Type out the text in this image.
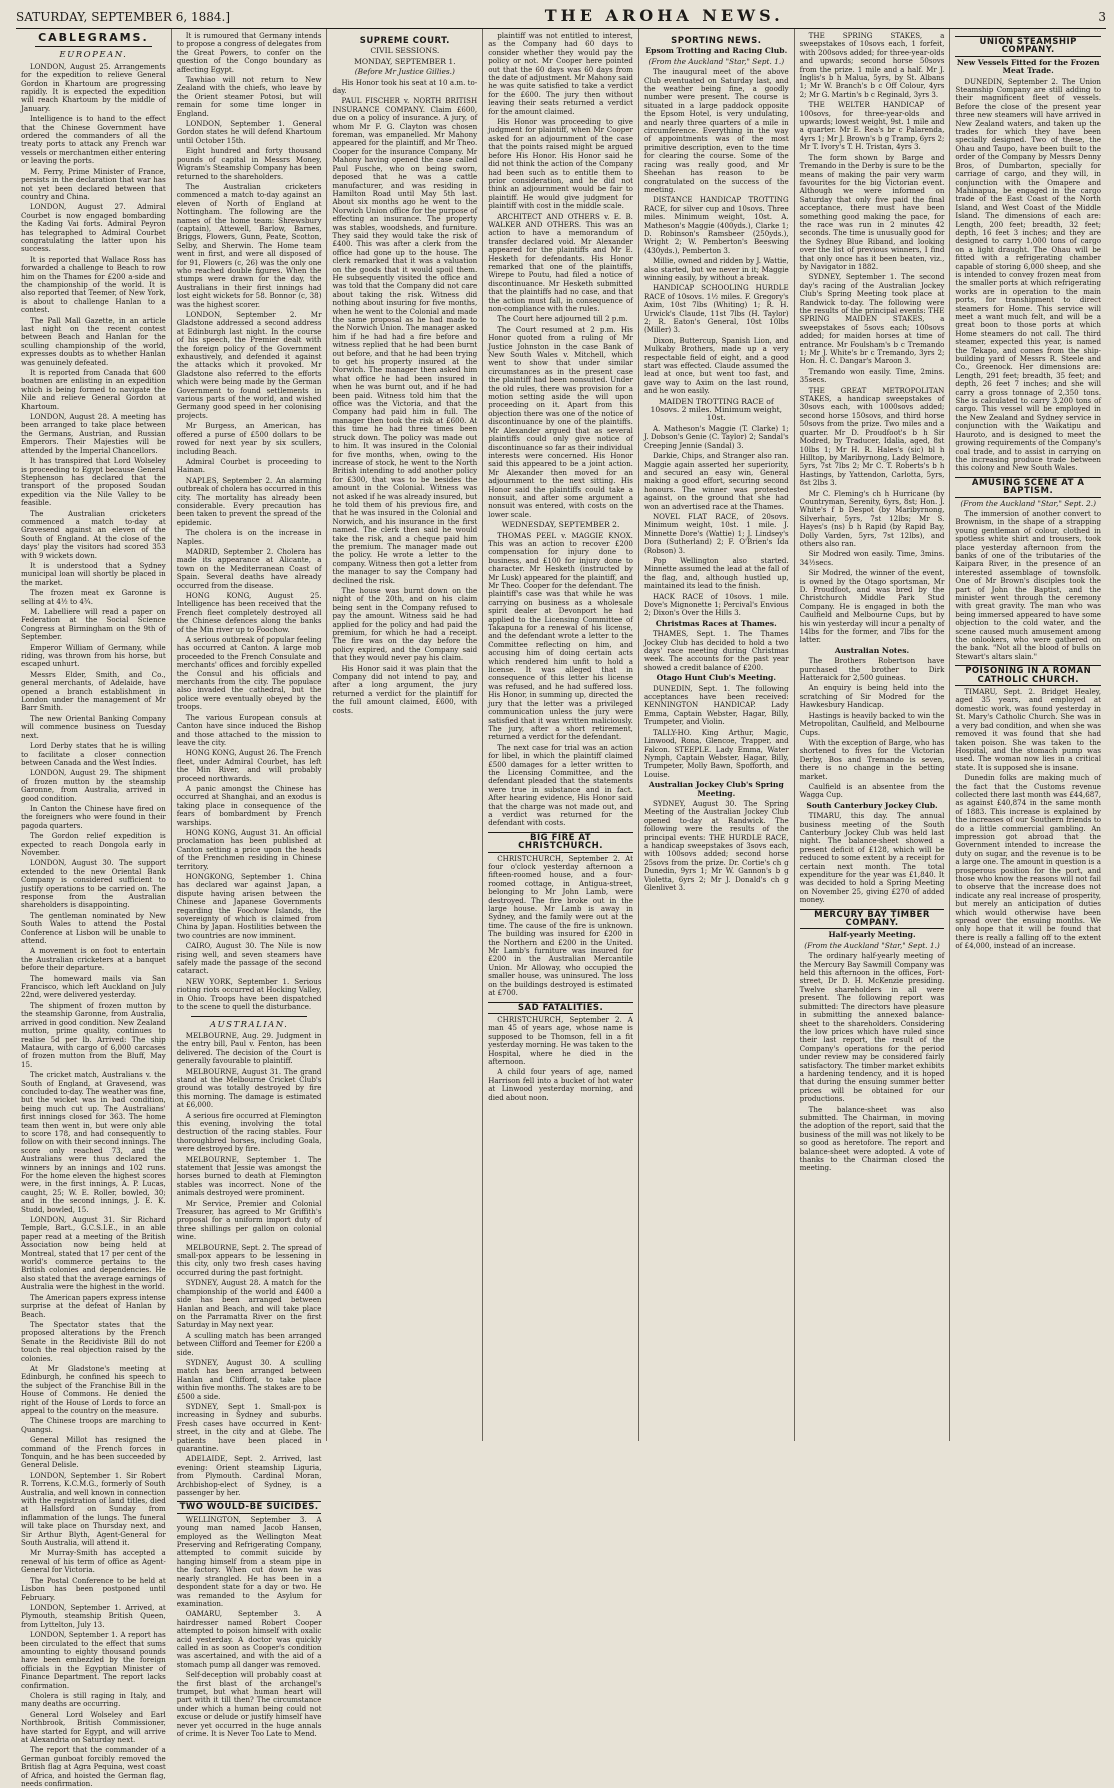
SATURDAY, SEPTEMBER 6, 1884.]	THE AROHA NEWS.	3
CABLEGRAMS.
EUROPEAN.

LONDON, August 25. Arrangements for the expedition to relieve General Gordon in Khartoum are progressing rapidly. It is expected the expedition will reach Khartoum by the middle of January.

Intelligence is to hand to the effect that the Chinese Government have ordered the commanders of all the treaty ports to attack any French war vessels or merchantmen either entering or leaving the ports.

M. Ferry, Prime Minister of France, persists in the declaration that war has not yet been declared between that country and China.

LONDON, August 27. Admiral Courbet is now engaged bombarding the Kading Vai forts. Admiral Peyron has telegraphed to Admiral Courbet congratulating the latter upon his success.

It is reported that Wallace Ross has forwarded a challenge to Beach to row him on the Thames for £200 a-side and the championship of the world. It is also reported that Teemer, of New York, is about to challenge Hanlan to a contest.

The Pall Mall Gazette, in an article last night on the recent contest between Beach and Hanlan for the sculling championship of the world, expresses doubts as to whether Hanlan was genuinely defeated.

It is reported from Canada that 600 boatmen are enlisting in an expedition which is being formed to navigate the Nile and relieve General Gordon at Khartoum.

LONDON, August 28. A meeting has been arranged to take place between the Germans, Austrian, and Russian Emperors. Their Majesties will be attended by the Imperial Chancellors.

It has transpired that Lord Wolseley is proceeding to Egypt because General Stephenson has declared that the transport of the proposed Soudan expedition via the Nile Valley to be feasible.

The Australian cricketers commenced a match to-day at Gravesend against an eleven of the South of England. At the close of the days' play the visitors had scored 353 with 9 wickets down.

It is understood that a Sydney municipal loan will shortly be placed in the market.

The frozen meat ex Garonne is selling at 4½ to 4¾.

M. Labelliere will read a paper on Federation at the Social Science Congress at Birmingham on the 9th of September.

Emperor William of Germany, while riding, was thrown from his horse, but escaped unhurt.

Messrs Elder, Smith, and Co., general merchants, of Adelaide, have opened a branch establishment in London under the management of Mr Barr Smith.

The new Oriental Banking Company will commence business on Tuesday next.

Lord Derby states that he is willing to facilitate a closer connection between Canada and the West Indies.

LONDON, August 29. The shipment of frozen mutton by the steamship Garonne, from Australia, arrived in good condition.

In Canton the Chinese have fired on the foreigners who were found in their pagoda quarters.

The Gordon relief expedition is expected to reach Dongola early in November.

LONDON, August 30. The support extended to the new Oriental Bank Company is considered sufficient to justify operations to be carried on. The response from the Australian shareholders is disappointing.

The gentleman nominated by New South Wales to attend the Postal Conference at Lisbon will be unable to attend.

A movement is on foot to entertain the Australian cricketers at a banquet before their departure.

The homeward mails via San Francisco, which left Auckland on July 22nd, were delivered yesterday.

The shipment of frozen mutton by the steamship Garonne, from Australia, arrived in good condition. New Zealand mutton, prime quality, continues to realise 5d per lb. Arrived: The ship Mataura, with cargo of 6,000 carcases of frozen mutton from the Bluff, May 15.

The cricket match, Australians v. the South of England, at Gravesend, was concluded to-day. The weather was fine, but the wicket was in bad condition, being much cut up. The Australians' first innings closed for 363. The home team then went in, but were only able to score 178, and had consequently to follow on with their second innings. The score only reached 73, and the Australians were thus declared the winners by an innings and 102 runs. For the home eleven the highest scores were, in the first innings, A. P. Lucas, caught, 25; W. E. Roller, bowled, 30; and in the second innings, J. E. K. Studd, bowled, 15.

LONDON, August 31. Sir Richard Temple, Bart., G.C.S.I.E., in an able paper read at a meeting of the British Association now being held at Montreal, stated that 17 per cent of the world's commerce pertains to the British colonies and dependencies. He also stated that the average earnings of Australia were the highest in the world.

The American papers express intense surprise at the defeat of Hanlan by Beach.

The Spectator states that the proposed alterations by the French Senate in the Recidiviste Bill do not touch the real objection raised by the colonies.

At Mr Gladstone's meeting at Edinburgh, he confined his speech to the subject of the Franchise Bill in the House of Commons. He denied the right of the House of Lords to force an appeal to the country on the measure.

The Chinese troops are marching to Quangsi.

General Millot has resigned the command of the French forces in Tonquin, and he has been succeeded by General Delisle.

LONDON, September 1. Sir Robert R. Torrens, K.C.M.G., formerly of South Australia, and well known in connection with the registration of land titles, died at Hallsford on Sunday from inflammation of the lungs. The funeral will take place on Thursday next, and Sir Arthur Blyth, Agent-General for South Australia, will attend it.

Mr Murray-Smith has accepted a renewal of his term of office as Agent-General for Victoria.

The Postal Conference to be held at Lisbon has been postponed until February.

LONDON, September 1. Arrived, at Plymouth, steamship British Queen, from Lyttelton, July 13.

LONDON, September 1. A report has been circulated to the effect that sums amounting to eighty thousand pounds have been embezzled by the foreign officials in the Egyptian Minister of Finance Department. The report lacks confirmation.

Cholera is still raging in Italy, and many deaths are occurring.

General Lord Wolseley and Earl Northbrook, British Commissioner, have started for Egypt, and will arrive at Alexandria on Saturday next.

The report that the commander of a German gunboat forcibly removed the British flag at Agra Pequina, west coast of Africa, and hoisted the German flag, needs confirmation.

It is rumoured that Germany intends to propose a congress of delegates from the Great Powers, to confer on the question of the Congo boundary as affecting Egypt.

Tawhiao will not return to New Zealand with the chiefs, who leave by the Orient steamer Potosi, but will remain for some time longer in England.

LONDON, September 1. General Gordon states he will defend Khartoum until October 15th.

Eight hundred and forty thousand pounds of capital in Messrs Money, Wigram's Steamship Company has been returned to the shareholders.

The Australian cricketers commenced a match to-day against an eleven of North of England at Nottingham. The following are the names of the home team: Shrewsbury (captain), Attewell, Barlow, Barnes, Briggs, Flowers, Gunn, Peate, Scotton, Selby, and Sherwin. The Home team went in first, and were all disposed of for 91, Flowers (c, 26) was the only one who reached double figures. When the stumps were drawn for the day, the Australians in their first innings had lost eight wickets for 58. Bonnor (c, 38) was the highest scorer.

LONDON, September 2. Mr Gladstone addressed a second address at Edinburgh last night. In the course of his speech, the Premier dealt with the foreign policy of the Government exhaustively, and defended it against the attacks which it provoked. Mr Gladstone also referred to the efforts which were being made by the German Government to found settlements in various parts of the world, and wished Germany good speed in her colonising projects.

Mr Burgess, an American, has offered a purse of £500 dollars to be rowed for next year by six scullers, including Beach.

Admiral Courbet is proceeding to Hainan.

NAPLES, September 2. An alarming outbreak of cholera has occurred in this city. The mortality has already been considerable. Every precaution has been taken to prevent the spread of the epidemic.

The cholera is on the increase in Naples.

MADRID, September 2. Cholera has made its appearance at Alicante, a town on the Mediterranean Coast of Spain. Several deaths have already occurred from the disease.

HONG KONG, August 25. Intelligence has been received that the French fleet completely destroyed all the Chinese defences along the banks of the Min river up to Foochow.

A serious outbreak of popular feeling has occurred at Canton. A large mob proceeded to the French Consulate and merchants' offices and forcibly expelled the Consul and his officials and merchants from the city. The populace also invaded the cathedral, but the police were eventually obeyed by the troops.

The various European consuls at Canton have since induced the Bishop and those attached to the mission to leave the city.

HONG KONG, August 26. The French fleet, under Admiral Courbet, has left the Min River, and will probably proceed northwards.

A panic amongst the Chinese has occurred at Shanghai, and an exodus is taking place in consequence of the fears of bombardment by French warships.

HONG KONG, August 31. An official proclamation has been published at Canton setting a price upon the heads of the Frenchmen residing in Chinese territory.

HONGKONG, September 1. China has declared war against Japan, a dispute having arisen between the Chinese and Japanese Governments regarding the Foochow Islands, the sovereignty of which is claimed from China by Japan. Hostilities between the two countries are now imminent.

CAIRO, August 30. The Nile is now rising well, and seven steamers have safely made the passage of the second cataract.

NEW YORK, September 1. Serious rioting riots occurred at Hocking Valley, in Ohio. Troops have been dispatched to the scene to quell the disturbance.

AUSTRALIAN.

MELBOURNE, Aug. 29. Judgment in the entry bill, Paul v. Fenton, has been delivered. The decision of the Court is generally favourable to plaintiff.

MELBOURNE, August 31. The grand stand at the Melbourne Cricket Club's ground was totally destroyed by fire this morning. The damage is estimated at £6,000.

A serious fire occurred at Flemington this evening, involving the total destruction of the racing stables. Four thoroughbred horses, including Goala, were destroyed by fire.

MELBOURNE, September 1. The statement that Jessie was amongst the horses burned to death at Flemington stables was incorrect. None of the animals destroyed were prominent.

Mr Service, Premier and Colonial Treasurer, has agreed to Mr Griffith's proposal for a uniform import duty of three shillings per gallon on colonial wine.

MELBOURNE, Sept. 2. The spread of small-pox appears to be lessening in this city, only two fresh cases having occurred during the past fortnight.

SYDNEY, August 28. A match for the championship of the world and £400 a side has been arranged between Hanlan and Beach, and will take place on the Parramatta River on the first Saturday in May next year.

A sculling match has been arranged between Clifford and Teemer for £200 a side.

SYDNEY, August 30. A sculling match has been arranged between Hanlan and Clifford, to take place within five months. The stakes are to be £500 a side.

SYDNEY, Sept 1. Small-pox is increasing in Sydney and suburbs. Fresh cases have occurred in Kent-street, in the city and at Glebe. The patients have been placed in quarantine.

ADELAIDE, Sept. 2. Arrived, last evening: Orient steamship Liguria, from Plymouth. Cardinal Moran, Archbishop-elect of Sydney, is a passenger by her.

TWO WOULD-BE SUICIDES.

WELLINGTON, September 3. A young man named Jacob Hansen, employed as the Wellington Meat Preserving and Refrigerating Company, attempted to commit suicide by hanging himself from a steam pipe in the factory. When cut down he was nearly strangled. He has been in a despondent state for a day or two. He was remanded to the Asylum for examination.

OAMARU, September 3. A hairdresser named Robert Cooper attempted to poison himself with oxalic acid yesterday. A doctor was quickly called in as soon as Cooper's condition was ascertained, and with the aid of a stomach pump all danger was removed.

Self-deception will probably coast at the first blast of the archangel's trumpet, but what human heart will part with it till then? The circumstance under which a human being could not excuse or delude or justify himself have never yet occurred in the huge annals of crime. It is Never Too Late to Mend.

SUPREME COURT.
CIVIL SESSIONS.
MONDAY, SEPTEMBER 1.
(Before Mr Justice Gillies.)

His Honor took his seat at 10 a.m. to-day.

PAUL FISCHER v. NORTH BRITISH INSURANCE COMPANY. Claim £600, due on a policy of insurance. A jury, of whom Mr F. G. Clayton was chosen foreman, was empanelled. Mr Mahony appeared for the plaintiff, and Mr Theo. Cooper for the insurance Company. Mr Mahony having opened the case called Paul Fusche, who on being sworn, deposed that he was a cattle manufacturer, and was residing in Hamilton Road until May 5th last. About six months ago he went to the Norwich Union office for the purpose of effecting an insurance. The property was stables, woodsheds, and furniture. They said they would take the risk of £400. This was after a clerk from the office had gone up to the house. The clerk remarked that it was a valuation on the goods that it would spoil them. He subsequently visited the office and was told that the Company did not care about taking the risk. Witness did nothing about insuring for five months, when he went to the Colonial and made the same proposal as he had made to the Norwich Union. The manager asked him if he had had a fire before and witness replied that he had been burnt out before, and that he had been trying to get his property insured at the Norwich. The manager then asked him what office he had been insured in when he was burnt out, and if he had been paid. Witness told him that the office was the Victoria, and that the Company had paid him in full. The manager then took the risk at £600. At this time he had three times been struck down. The policy was made out to him. It was insured in the Colonial for five months, when, owing to the increase of stock, he went to the North British intending to add another policy for £300, that was to be besides the amount in the Colonial. Witness was not asked if he was already insured, but he told them of his previous fire, and that he was insured in the Colonial and Norwich, and his insurance in the first named. The clerk then said he would take the risk, and a cheque paid him the premium. The manager made out the policy. He wrote a letter to the company. Witness then got a letter from the manager to say the Company had declined the risk.

The house was burnt down on the night of the 20th, and on his claim being sent in the Company refused to pay the amount. Witness said he had applied for the policy and had paid the premium, for which he had a receipt. The fire was on the day before the policy expired, and the Company said that they would never pay his claim.

His Honor said it was plain that the Company did not intend to pay, and after a long argument, the jury returned a verdict for the plaintiff for the full amount claimed, £600, with costs.

plaintiff was not entitled to interest, as the Company had 60 days to consider whether they would pay the policy or not. Mr Cooper here pointed out that the 60 days was 60 days from the date of adjustment. Mr Mahony said he was quite satisfied to take a verdict for the £600. The jury then without leaving their seats returned a verdict for the amount claimed.

His Honor was proceeding to give judgment for plaintiff, when Mr Cooper asked for an adjournment of the case that the points raised might be argued before His Honor. His Honor said he did not think the action of the Company had been such as to entitle them to prior consideration, and he did not think an adjournment would be fair to plaintiff. He would give judgment for plaintiff with cost in the middle scale.

ARCHITECT AND OTHERS v. E. B. WALKER AND OTHERS. This was an action to have a memorandum of transfer declared void. Mr Alexander appeared for the plaintiffs and Mr E. Hesketh for defendants. His Honor remarked that one of the plaintiffs, Wirepe to Poutu, had filed a notice of discontinuance. Mr Hesketh submitted that the plaintiffs had no case, and that the action must fall, in consequence of non-compliance with the rules.

The Court here adjourned till 2 p.m.

The Court resumed at 2 p.m. His Honor quoted from a ruling of Mr Justice Johnston in the case Bank of New South Wales v. Mitchell, which went to show that under similar circumstances as in the present case the plaintiff had been nonsuited. Under the old rules, there was provision for a motion setting aside the will upon proceeding on it. Apart from this objection there was one of the notice of discontinuance by one of the plaintiffs. Mr Alexander argued that as several plaintiffs could only give notice of discontinuance so far as their individual interests were concerned. His Honor said this appeared to be a joint action. Mr Alexander then moved for an adjournment to the next sitting. His Honor said the plaintiffs could take a nonsuit, and after some argument a nonsuit was entered, with costs on the lower scale.

WEDNESDAY, SEPTEMBER 2.

THOMAS PEEL v. MAGGIE KNOX. This was an action to recover £200 compensation for injury done to business, and £100 for injury done to character. Mr Hesketh (instructed by Mr Lusk) appeared for the plaintiff, and Mr Theo. Cooper for the defendant. The plaintiff's case was that while he was carrying on business as a wholesale spirit dealer at Devonport he had applied to the Licensing Committee of Takapuna for a renewal of his license, and the defendant wrote a letter to the Committee reflecting on him, and accusing him of doing certain acts which rendered him unfit to hold a license. It was alleged that in consequence of this letter his license was refused, and he had suffered loss. His Honor, in summing up, directed the jury that the letter was a privileged communication unless the jury were satisfied that it was written maliciously. The jury, after a short retirement, returned a verdict for the defendant.

The next case for trial was an action for libel, in which the plaintiff claimed £500 damages for a letter written to the Licensing Committee, and the defendant pleaded that the statements were true in substance and in fact. After hearing evidence, His Honor said that the charge was not made out, and a verdict was returned for the defendant with costs.

BIG FIRE AT CHRISTCHURCH.

CHRISTCHURCH, September 2. At four o'clock yesterday afternoon a fifteen-roomed house, and a four-roomed cottage, in Antigua-street, belonging to Mr John Lamb, were destroyed. The fire broke out in the large house. Mr Lamb is away in Sydney, and the family were out at the time. The cause of the fire is unknown. The building was insured for £200 in the Northern and £200 in the United. Mr Lamb's furniture was insured for £200 in the Australian Mercantile Union. Mr Alloway, who occupied the smaller house, was uninsured. The loss on the buildings destroyed is estimated at £700.

SAD FATALITIES.

CHRISTCHURCH, September 2. A man 45 of years age, whose name is supposed to be Thomson, fell in a fit yesterday morning. He was taken to the Hospital, where he died in the afternoon.

A child four years of age, named Harrison fell into a bucket of hot water at Linwood yesterday morning, and died about noon.

SPORTING NEWS.
Epsom Trotting and Racing Club.
(From the Auckland "Star," Sept. 1.)

The inaugural meet of the above Club eventuated on Saturday last, and the weather being fine, a goodly number were present. The course is situated in a large paddock opposite the Epsom Hotel, is very undulating, and nearly three quarters of a mile in circumference. Everything in the way of appointments was of the most primitive description, even to the time for clearing the course. Some of the racing was really good, and Mr Sheehan has reason to be congratulated on the success of the meeting.

DISTANCE HANDICAP TROTTING RACE, for silver cup and 10sovs. Three miles. Minimum weight, 10st. A. Matheson's Maggie (400yds.), Clarke 1; D. Robinson's Ramsbeer (250yds.), Wright 2; W. Pemberton's Beeswing (430yds.), Pemberton 3.

Millie, owned and ridden by J. Wattie, also started, but we never in it; Maggie winning easily, by without a break.

HANDICAP SCHOOLING HURDLE RACE of 10sovs. 1½ miles. F. Gregory's Axim, 10st 7lbs (Whiting) 1; R. H. Urwick's Claude, 11st 7lbs (H. Taylor) 2; R. Eaton's General, 10st 10lbs (Miller) 3.

Dixon, Buttercup, Spanish Lion, and Mulkaby Brothers, made up a very respectable field of eight, and a good start was effected. Claude assumed the lead at once, but went too fast, and gave way to Axim on the last round, and he won easily.

MAIDEN TROTTING RACE of 10sovs. 2 miles. Minimum weight, 10st.

A. Matheson's Maggie (T. Clarke) 1; J. Dobson's Genie (C. Taylor) 2; Sandal's Creeping Jennie (Sandal) 3.

Darkie, Chips, and Stranger also ran. Maggie again asserted her superiority, and secured an easy win, General making a good effort, securing second honours. The winner was protested against, on the ground that she had won an advertised race at the Thames.

NOVEL FLAT RACE, of 20sovs. Minimum weight, 10st. 1 mile. J. Minnette Dore's (Wattie) 1; J. Lindsey's Dora (Sutherland) 2; F. O'Brien's Ida (Robson) 3.

Pop Wellington also started. Minnette assumed the lead at the fall of the flag, and, although hustled up, maintained its lead to the finish.

HACK RACE of 10sovs. 1 mile. Dove's Mignonette 1; Percival's Envious 2; Dixon's Over the Hills 3.

Christmas Races at Thames.

THAMES, Sept. 1. The Thames Jockey Club has decided to hold a two days' race meeting during Christmas week. The accounts for the past year showed a credit balance of £200.

Otago Hunt Club's Meeting.

DUNEDIN, Sept. 1. The following acceptances have been received: KENNINGTON HANDICAP. Lady Emma, Captain Webster, Hagar, Billy, Trumpeter, and Violin.

TALLY-HO. King Arthur, Magic, Linwood, Rona, Glencoe, Trapper, and Falcon. STEEPLE. Lady Emma, Water Nymph, Captain Webster, Hagar, Billy, Trumpeter, Molly Bawn, Spofforth, and Louise.

Australian Jockey Club's Spring Meeting.

SYDNEY, August 30. The Spring Meeting of the Australian Jockey Club opened to-day at Randwick. The following were the results of the principal events: THE HURDLE RACE, a handicap sweepstakes of 3sovs each, with 100sovs added; second horse 25sovs from the prize. Dr. Cortie's ch g Dunedin, 9yrs 1; Mr W. Gannon's b g Violetta, 6yrs 2; Mr J. Donald's ch g Glenlivet 3.

THE SPRING STAKES, a sweepstakes of 10sovs each, 1 forfeit, with 200sovs added; for three-year-olds and upwards; second horse 50sovs from the prize. 1 mile and a half. Mr J. Inglis's b h Malua, 5yrs, by St. Albans 1; Mr W. Branch's b c Off Colour, 4yrs 2; Mr G. Martin's b c Reginald, 3yrs 3.

THE WELTER HANDICAP of 100sovs, for three-year-olds and upwards; lowest weight, 9st. 1 mile and a quarter. Mr E. Rea's br c Palarenda, 4yrs 1; Mr J. Brown's b g Tramp, 6yrs 2; Mr T. Ivory's T. H. Tristan, 4yrs 3.

The form shown by Barge and Tremando in the Derby is sure to be the means of making the pair very warm favourites for the big Victorian event. Although we were informed on Saturday that only five paid the final acceptance, there must have been something good making the pace, for the race was run in 2 minutes 42 seconds. The time is unusually good for the Sydney Blue Riband, and looking over the list of previous winners, I find that only once has it been beaten, viz., by Navigator in 1882.

SYDNEY, September 1. The second day's racing of the Australian Jockey Club's Spring Meeting took place at Randwick to-day. The following were the results of the principal events: THE SPRING MAIDEN STAKES, a sweepstakes of 5sovs each; 100sovs added; for maiden horses at time of entrance. Mr Foulsham's b c Tremando 1; Mr J. White's br c Tremando, 3yrs 2; Hon. H. C. Dangar's Maroon 3.

Tremando won easily. Time, 2mins. 35secs.

THE GREAT METROPOLITAN STAKES, a handicap sweepstakes of 30sovs each, with 1000sovs added; second horse 150sovs, and third horse 50sovs from the prize. Two miles and a quarter. Mr D. Proudfoot's b h Sir Modred, by Traducer, Idalia, aged, 8st 10lbs 1; Mr H. R. Hales's (sic) bl h Hilltop, by Maribyrnong, Lady Belmore, 5yrs, 7st 7lbs 2; Mr C. T. Roberts's b h Hastings, by Yattendon, Carlotta, 5yrs, 8st 2lbs 3.

Mr C. Fleming's ch h Hurricane (by Countryman, Serenity, 6yrs, 8st; Hon. J. White's f b Despot (by Maribyrnong, Silverhair, 5yrs, 7st 12lbs; Mr S. Hayes's (ns) b h Rapid (by Rapid Bay, Dolly Varden, 5yrs, 7st 12lbs), and others also ran.

Sir Modred won easily. Time, 3mins. 34½secs.

Sir Modred, the winner of the event, is owned by the Otago sportsman, Mr D. Proudfoot, and was bred by the Christchurch Middle Park Stud Company. He is engaged in both the Caulfield and Melbourne Cups, but by his win yesterday will incur a penalty of 14lbs for the former, and 7lbs for the latter.

Australian Notes.

The Brothers Robertson have purchased the brother to Dirk Hatteraick for 2,500 guineas.

An enquiry is being held into the scratching of Sir Modred for the Hawkesbury Handicap.

Hastings is heavily backed to win the Metropolitan, Caulfield, and Melbourne Cups.

With the exception of Barge, who has shortened to fives for the Victorian Derby, Bos and Tremando is seven, there is no change in the betting market.

Caulfield is an absentee from the Wagga Cup.

South Canterbury Jockey Club.

TIMARU, this day. The annual business meeting of the South Canterbury Jockey Club was held last night. The balance-sheet showed a present deficit of £128, which will be reduced to some extent by a receipt for certain next month. The total expenditure for the year was £1,840. It was decided to hold a Spring Meeting on November 25, giving £270 of added money.

MERCURY BAY TIMBER COMPANY.
Half-yearly Meeting.
(From the Auckland "Star," Sept. 1.)

The ordinary half-yearly meeting of the Mercury Bay Sawmill Company was held this afternoon in the offices, Fort-street, Dr D. H. McKenzie presiding. Twelve shareholders in all were present. The following report was submitted: The directors have pleasure in submitting the annexed balance-sheet to the shareholders. Considering the low prices which have ruled since their last report, the result of the Company's operations for the period under review may be considered fairly satisfactory. The timber market exhibits a hardening tendency, and it is hoped that during the ensuing summer better prices will be obtained for our productions.

The balance-sheet was also submitted. The Chairman, in moving the adoption of the report, said that the business of the mill was not likely to be so good as heretofore. The report and balance-sheet were adopted. A vote of thanks to the Chairman closed the meeting.

UNION STEAMSHIP COMPANY.
New Vessels Fitted for the Frozen Meat Trade.

DUNEDIN, September 2. The Union Steamship Company are still adding to their magnificent fleet of vessels. Before the close of the present year three new steamers will have arrived in New Zealand waters, and taken up the trades for which they have been specially designed. Two of these, the Ohau and Taupo, have been built to the order of the Company by Messrs Denny Bros, of Dumbarton, specially for carriage of cargo, and they will, in conjunction with the Omapere and Mahinapua, be engaged in the cargo trade of the East Coast of the North Island, and West Coast of the Middle Island. The dimensions of each are: Length, 200 feet; breadth, 32 feet; depth, 16 feet 3 inches; and they are designed to carry 1,000 tons of cargo on a light draught. The Ohau will be fitted with a refrigerating chamber capable of storing 6,000 sheep, and she is intended to convey frozen meat from the smaller ports at which refrigerating works are in operation to the main ports, for transhipment to direct steamers for Home. This service will meet a want much felt, and will be a great boon to those ports at which Home steamers do not call. The third steamer, expected this year, is named the Tekapo, and comes from the ship-building yard of Messrs R. Steele and Co., Greenock. Her dimensions are: Length, 291 feet; breadth, 35 feet; and depth, 26 feet 7 inches; and she will carry a gross tonnage of 2,350 tons. She is calculated to carry 3,200 tons of cargo. This vessel will be employed in the New Zealand and Sydney service in conjunction with the Waikatipu and Hauroto, and is designed to meet the growing requirements of the Company's coal trade, and to assist in carrying on the increasing produce trade between this colony and New South Wales.

AMUSING SCENE AT A BAPTISM.
(From the Auckland "Star," Sept. 2.)

The immersion of another convert to Brownism, in the shape of a strapping young gentleman of colour, clothed in spotless white shirt and trousers, took place yesterday afternoon from the banks of one of the tributaries of the Kaipara River, in the presence of an interested assemblage of townsfolk. One of Mr Brown's disciples took the part of John the Baptist, and the minister went through the ceremony with great gravity. The man who was being immersed appeared to have some objection to the cold water, and the scene caused much amusement among the onlookers, who were gathered on the bank. "Not all the blood of bulls on Stewart's altars slain."

POISONING IN A ROMAN CATHOLIC CHURCH.

TIMARU, Sept. 2. Bridget Healey, aged 35 years, and employed at domestic work, was found yesterday in St. Mary's Catholic Church. She was in a very bad condition, and when she was removed it was found that she had taken poison. She was taken to the Hospital, and the stomach pump was used. The woman now lies in a critical state. It is supposed she is insane.

Dunedin folks are making much of the fact that the Customs revenue collected there last month was £44,687, as against £40,874 in the same month of 1883. This increase is explained by the increases of our Southern friends to do a little commercial gambling. An impression got abroad that the Government intended to increase the duty on sugar, and the revenue is to be a large one. The amount in question is a prosperous position for the port, and those who know the reasons will not fail to observe that the increase does not indicate any real increase of prosperity, but merely an anticipation of duties which would otherwise have been spread over the ensuing months. We only hope that it will be found that there is really a falling off to the extent of £4,000, instead of an increase.
